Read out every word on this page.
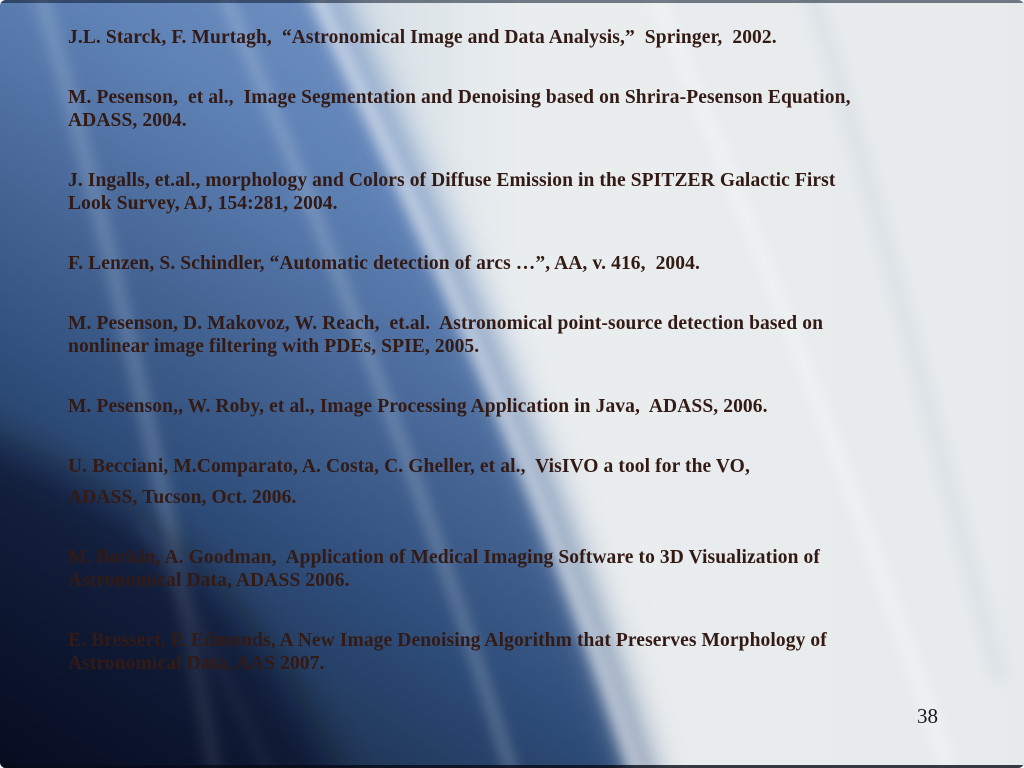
J.L. Starck, F. Murtagh,  “Astronomical Image and Data Analysis,”  Springer,  2002.
M. Pesenson,  et al.,  Image Segmentation and Denoising based on Shrira-Pesenson Equation,
ADASS, 2004.
J. Ingalls, et.al., morphology and Colors of Diffuse Emission in the SPITZER Galactic First
Look Survey, AJ, 154:281, 2004.
F. Lenzen, S. Schindler, “Automatic detection of arcs …”, AA, v. 416,  2004.
M. Pesenson, D. Makovoz, W. Reach,  et.al.  Astronomical point-source detection based on
nonlinear image filtering with PDEs, SPIE, 2005.
M. Pesenson,, W. Roby, et al., Image Processing Application in Java,  ADASS, 2006.
U. Becciani, M.Comparato, A. Costa, C. Gheller, et al.,  VisIVO a tool for the VO,
ADASS, Tucson, Oct. 2006.
M. Borkin, A. Goodman,  Application of Medical Imaging Software to 3D Visualization of
Astronomical Data, ADASS 2006.
E. Bressert, P. Edmonds, A New Image Denoising Algorithm that Preserves Morphology of
Astronomical Data, AAS 2007.
38
